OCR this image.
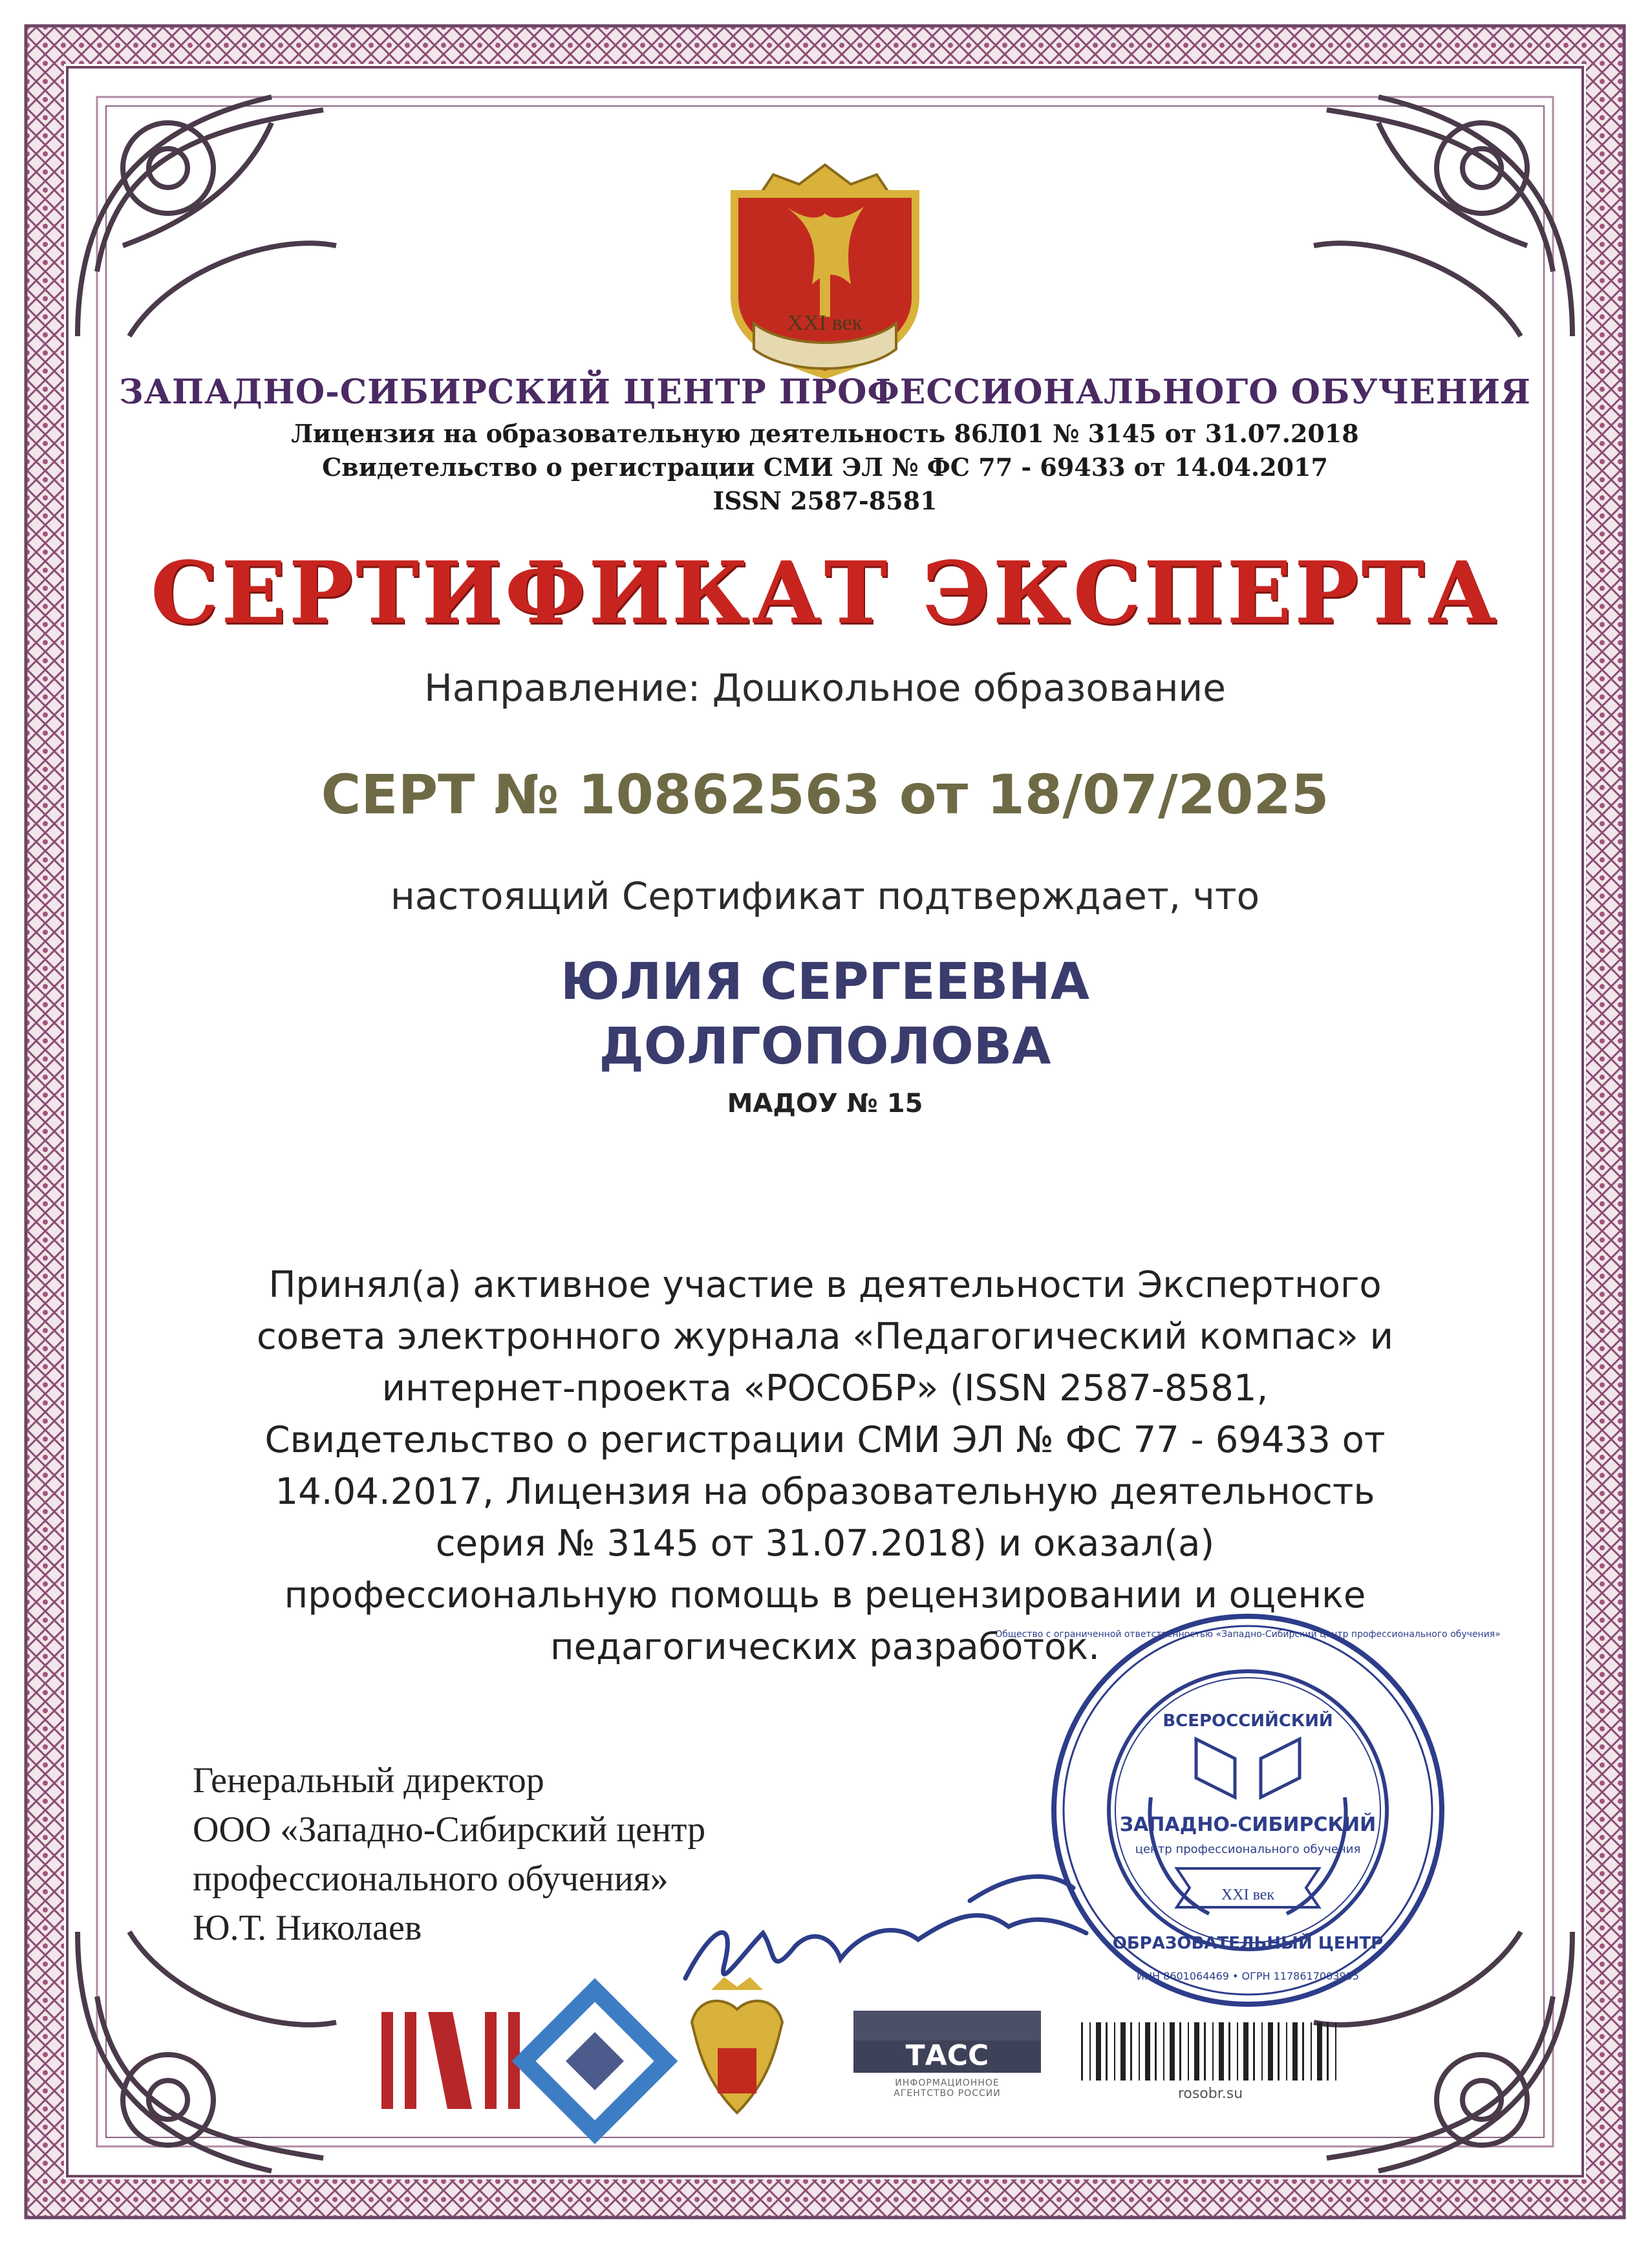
XXI век
ВСЕРОССИЙСКИЙ
ЗАПАДНО-СИБИРСКИЙ
центр профессионального обучения
XXI век
ОБРАЗОВАТЕЛЬНЫЙ ЦЕНТР
ИНН 8601064469 • ОГРН 1178617003905
Общество с ограниченной ответственностью «Западно-Сибирский центр профессионального обучения»
ТАСС
ISSN
ЗАПАДНО-СИБИРСКИЙ ЦЕНТР ПРОФЕССИОНАЛЬНОГО ОБУЧЕНИЯ
Лицензия на образовательную деятельность 86Л01 № 3145 от 31.07.2018
Свидетельство о регистрации СМИ ЭЛ № ФС 77 - 69433 от 14.04.2017
ISSN 2587-8581
СЕРТИФИКАТ ЭКСПЕРТА
Направление: Дошкольное образование
СЕРТ № 10862563 от 18/07/2025
настоящий Сертификат подтверждает, что
ЮЛИЯ СЕРГЕЕВНА
ДОЛГОПОЛОВА
МАДОУ № 15
Принял(а) активное участие в деятельности Экспертного
совета электронного журнала «Педагогический компас» и
интернет-проекта «РОСОБР» (ISSN 2587-8581,
Свидетельство о регистрации СМИ ЭЛ № ФС 77 - 69433 от
14.04.2017, Лицензия на образовательную деятельность
серия № 3145 от 31.07.2018) и оказал(а)
профессиональную помощь в рецензировании и оценке
педагогических разработок.
Генеральный директор
ООО «Западно-Сибирский центр
профессионального обучения»
Ю.Т. Николаев
ИНФОРМАЦИОННОЕ
АГЕНТСТВО РОССИИ	rosobr.su
